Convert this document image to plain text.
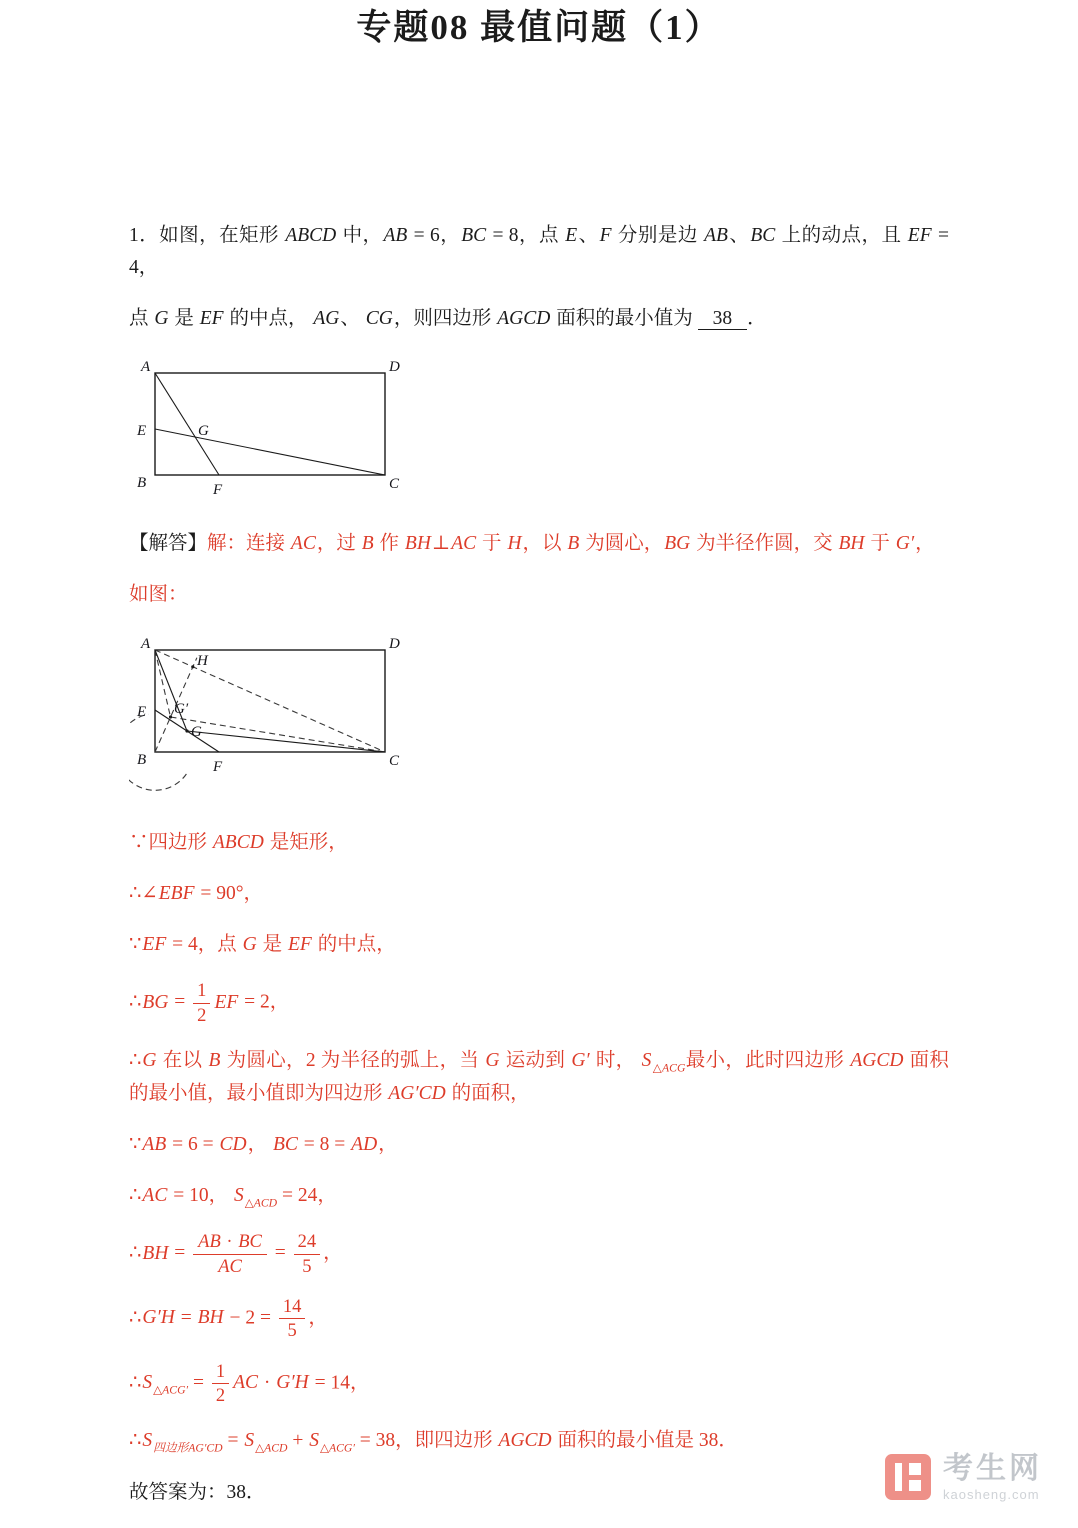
专题08 最值问题（1）

1．如图，在矩形 ABCD 中，AB = 6，BC = 8，点 E、F 分别是边 AB、BC 上的动点，且 EF = 4，

点 G 是 EF 的中点， AG、 CG，则四边形 AGCD 面积的最小值为 38 ．

A	D
B	C
E
F
G

【解答】解：连接 AC，过 B 作 BH⊥AC 于 H，以 B 为圆心，BG 为半径作圆，交 BH 于 G′，

如图：

A	D
B	C
E
F
G
G′
H

∵四边形 ABCD 是矩形，

∴∠EBF = 90°，

∵EF = 4，点 G 是 EF 的中点，

∴BG = $\frac{1}{2}$ EF = 2，

∴G 在以 B 为圆心，2 为半径的弧上，当 G 运动到 G′ 时， $S_{\triangle ACG}$最小，此时四边形 AGCD 面积的最小值，最小值即为四边形 AG′CD 的面积，

∵AB = 6 = CD， BC = 8 = AD，

∴AC = 10， $S_{\triangle ACD} = 24$，

∴BH = $\frac{AB \cdot BC}{AC} = \frac{24}{5}$ ，

∴G′H = BH − $2 = \frac{14}{5}$ ，

$\therefore S_{\triangle ACG'} = \frac{1}{2}$ AC · G′H = 14，

$\therefore S_{四边形AG'CD} = S_{\triangle ACD} + S_{\triangle ACG'} = 38$，即四边形 AGCD 面积的最小值是 38．

故答案为：38．

考生网
kaosheng.com
